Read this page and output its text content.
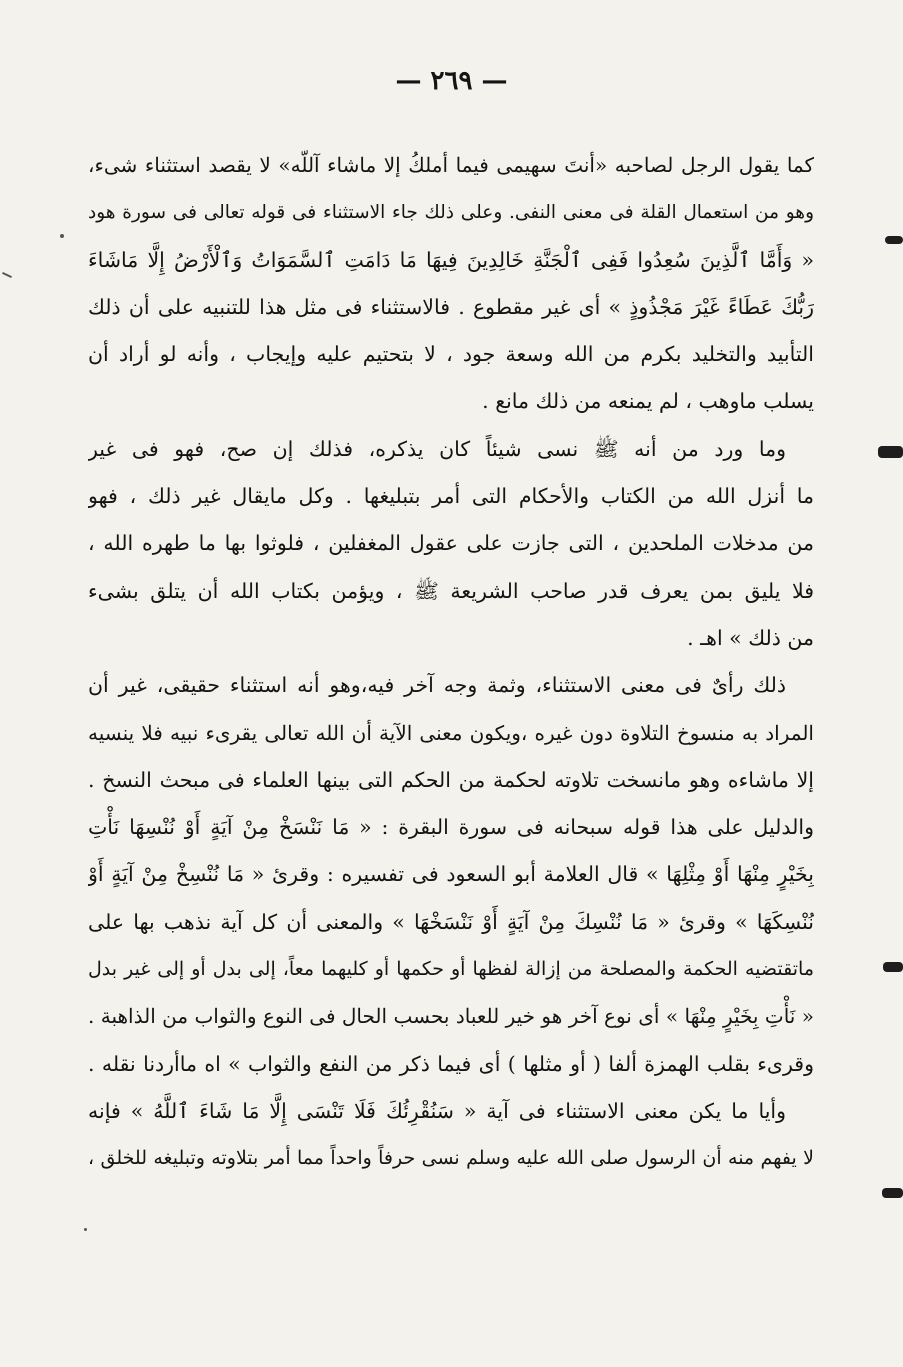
— ٢٦٩ —
كما يقول الرجل لصاحبه «أنتَ سهيمى فيما أملكُ إلا ماشاء آللّه» لا يقصد استثناء شىء،
وهو من استعمال القلة فى معنى النفى. وعلى ذلك جاء الاستثناء فى قوله تعالى فى سورة هود
« وَأَمَّا ٱلَّذِينَ سُعِدُوا فَفِى ٱلْجَنَّةِ خَالِدِينَ فِيهَا مَا دَامَتِ ٱلسَّمَوَاتُ وَٱلْأَرْضُ إِلَّا مَاشَاءَ
رَبُّكَ عَطَاءً غَيْرَ مَجْذُوذٍ » أى غير مقطوع . فالاستثناء فى مثل هذا للتنبيه على أن ذلك
التأبيد والتخليد بكرم من الله وسعة جود ، لا بتحتيم عليه وإيجاب ، وأنه لو أراد أن
يسلب ماوهب ، لم يمنعه من ذلك مانع .
وما ورد من أنه ﷺ نسى شيئاً كان يذكره، فذلك إن صح، فهو فى غير
ما أنزل الله من الكتاب والأحكام التى أمر بتبليغها . وكل مايقال غير ذلك ، فهو
من مدخلات الملحدين ، التى جازت على عقول المغفلين ، فلوثوا بها ما طهره الله ،
فلا يليق بمن يعرف قدر صاحب الشريعة ﷺ ، ويؤمن بكتاب الله أن يتلق بشىء
من ذلك » اهـ .
ذلك رأىٌ فى معنى الاستثناء، وثمة وجه آخر فيه،وهو أنه استثناء حقيقى، غير أن
المراد به منسوخ التلاوة دون غيره ،ويكون معنى الآية أن الله تعالى يقرىء نبيه فلا ينسيه
إلا ماشاءه وهو مانسخت تلاوته لحكمة من الحكم التى بينها العلماء فى مبحث النسخ .
والدليل على هذا قوله سبحانه فى سورة البقرة : « مَا نَنْسَخْ مِنْ آيَةٍ أَوْ نُنْسِهَا نَأْتِ
بِخَيْرٍ مِنْهَا أَوْ مِثْلِهَا » قال العلامة أبو السعود فى تفسيره : وقرئ « مَا نُنْسِخْ مِنْ آيَةٍ أَوْ
نُنْسِكَهَا » وقرئ « مَا نُنْسِكَ مِنْ آيَةٍ أَوْ نَنْسَخْهَا » والمعنى أن كل آية نذهب بها على
ماتقتضيه الحكمة والمصلحة من إزالة لفظها أو حكمها أو كليهما معاً، إلى بدل أو إلى غير بدل
« نَأْتِ بِخَيْرٍ مِنْهَا » أى نوع آخر هو خير للعباد بحسب الحال فى النوع والثواب من الذاهبة .
وقرىء بقلب الهمزة ألفا ( أو مثلها ) أى فيما ذكر من النفع والثواب » اه ماأردنا نقله .
وأيا ما يكن معنى الاستثناء فى آية « سَنُقْرِئُكَ فَلَا تَنْسَى إِلَّا مَا شَاءَ ٱللَّهُ » فإنه
لا يفهم منه أن الرسول صلى الله عليه وسلم نسى حرفاً واحداً مما أمر بتلاوته وتبليغه للخلق ،
